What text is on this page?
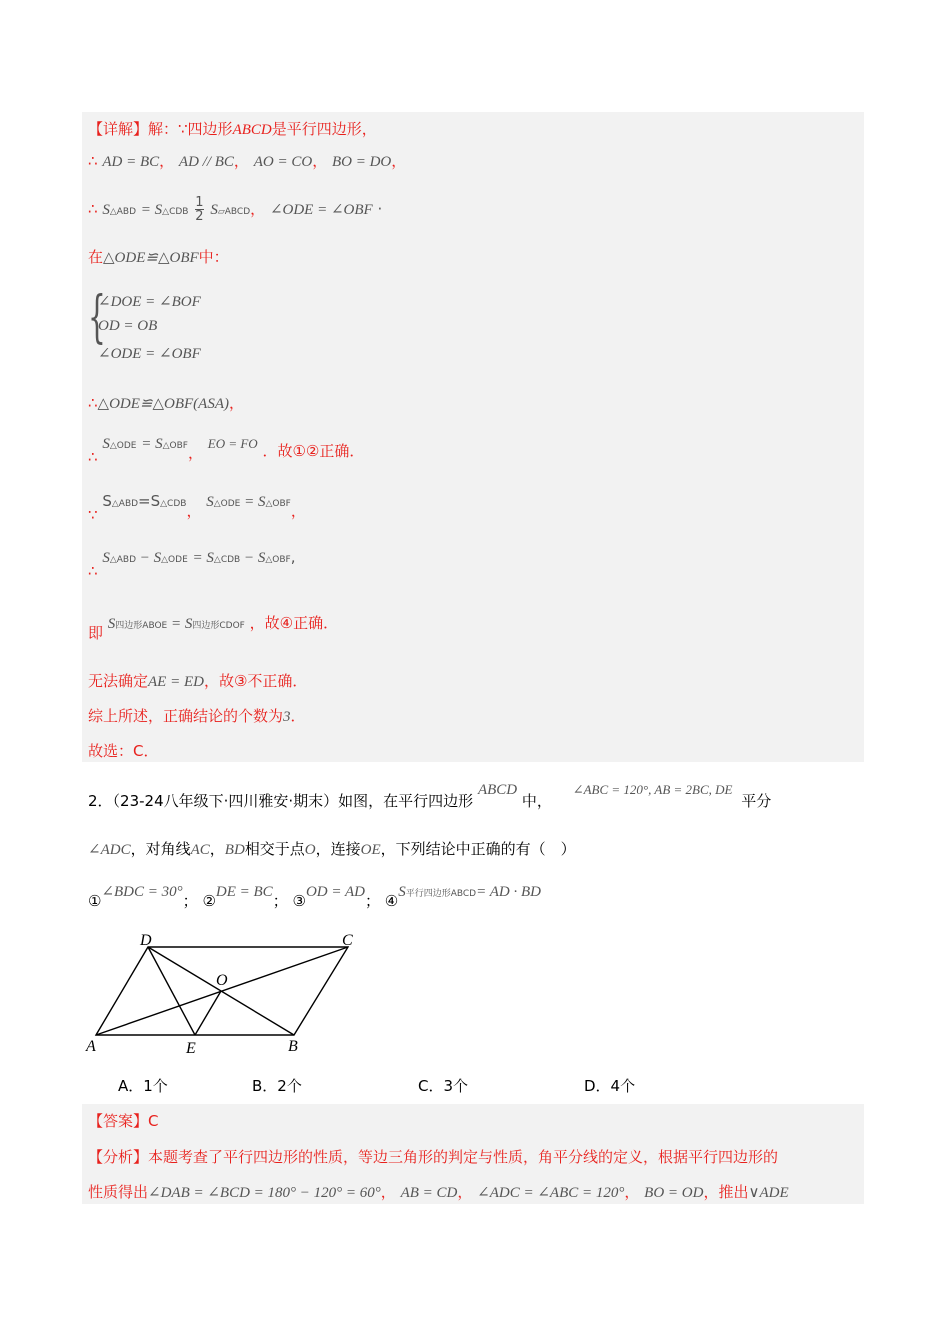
【详解】解：∵四边形ABCD是平行四边形，
∴ AD = BC， AD // BC， AO = CO， BO = DO，
∴ S△ABD = S△CDB $\frac{1}{2}$ S▱ABCD， ∠ODE = ∠OBF ·
在△ODE≌△OBF中：
{
∠DOE = ∠BOF
OD = OB
∠ODE = ∠OBF
∴△ODE≌△OBF(ASA)，
∴ S△ODE = S△OBF， EO = FO ．故①②正确．
∵ S△ABD=S△CDB， S△ODE = S△OBF，
∴ S△ABD − S△ODE = S△CDB − S△OBF,
即 S四边形ABOE = S四边形CDOF ，故④正确．
无法确定AE = ED，故③不正确．
综上所述，正确结论的个数为3．
故选：C．
2．（23-24八年级下·四川雅安·期末）如图，在平行四边形 ABCD 中， ∠ABC = 120°, AB = 2BC, DE 平分
∠ADC，对角线AC，BD相交于点O，连接OE，下列结论中正确的有（　）
①∠BDC = 30°； ②DE = BC； ③OD = AD； ④S平行四边形ABCD= AD · BD
D	C
O
A	E	B
A．1个	B．2个	C．3个	D．4个
【答案】C
【分析】本题考查了平行四边形的性质，等边三角形的判定与性质，角平分线的定义，根据平行四边形的
性质得出∠DAB = ∠BCD = 180° − 120° = 60°， AB = CD， ∠ADC = ∠ABC = 120°， BO = OD，推出∨ADE
